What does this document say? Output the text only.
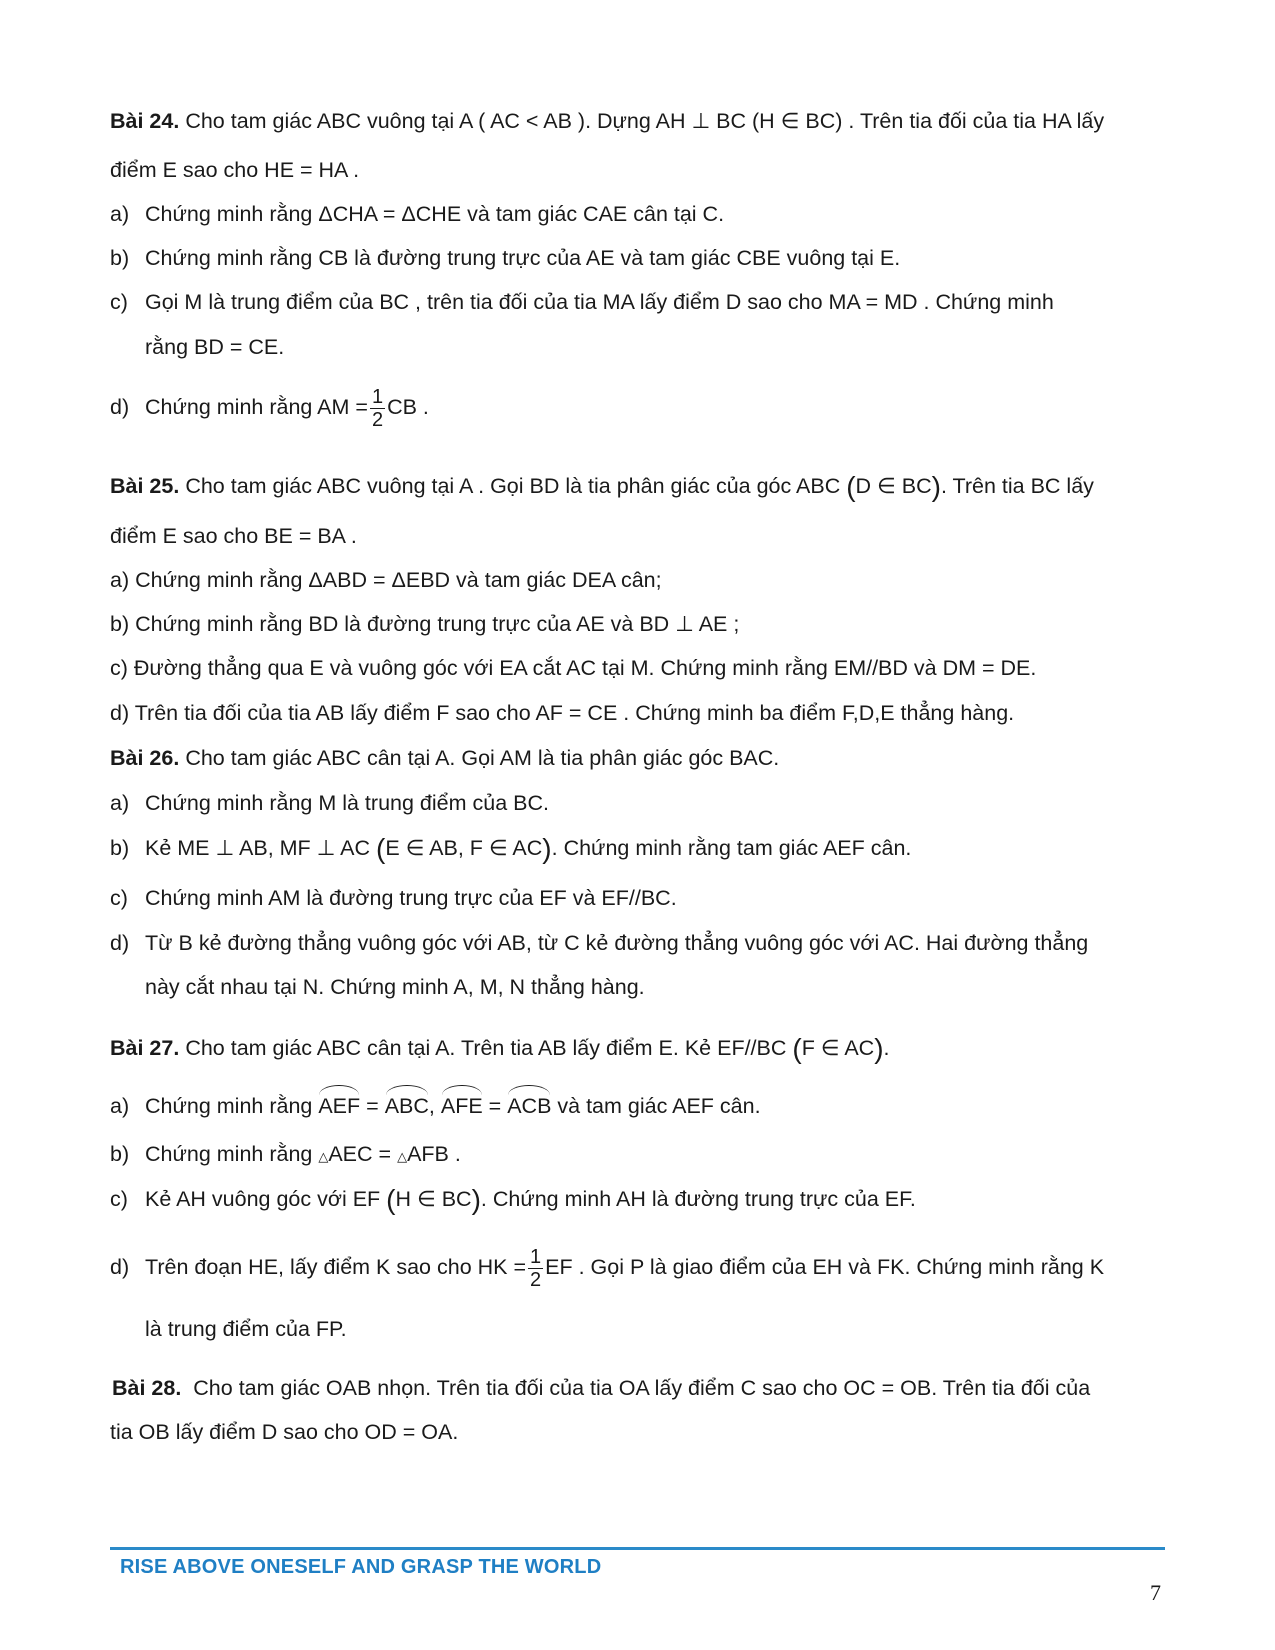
Bài 24. Cho tam giác ABC vuông tại A ( AC < AB ). Dựng AH ⊥ BC (H ∈ BC) . Trên tia đối của tia HA lấy
điểm E sao cho HE = HA .
a) Chứng minh rằng ΔCHA = ΔCHE và tam giác CAE cân tại C.
b) Chứng minh rằng CB là đường trung trực của AE và tam giác CBE vuông tại E.
c) Gọi M là trung điểm của BC , trên tia đối của tia MA lấy điểm D sao cho MA = MD . Chứng minh
rằng BD = CE.
d) Chứng minh rằng AM = $\frac{1}{2}$ CB .
Bài 25. Cho tam giác ABC vuông tại A . Gọi BD là tia phân giác của góc ABC (D ∈ BC). Trên tia BC lấy
điểm E sao cho BE = BA .
a) Chứng minh rằng ΔABD = ΔEBD và tam giác DEA cân;
b) Chứng minh rằng BD là đường trung trực của AE và BD ⊥ AE ;
c) Đường thẳng qua E và vuông góc với EA cắt AC tại M. Chứng minh rằng EM//BD và DM = DE.
d) Trên tia đối của tia AB lấy điểm F sao cho AF = CE . Chứng minh ba điểm F,D,E thẳng hàng.
Bài 26. Cho tam giác ABC cân tại A. Gọi AM là tia phân giác góc BAC.
a) Chứng minh rằng M là trung điểm của BC.
b) Kẻ ME ⊥ AB, MF ⊥ AC (E ∈ AB, F ∈ AC). Chứng minh rằng tam giác AEF cân.
c) Chứng minh AM là đường trung trực của EF và EF//BC.
d) Từ B kẻ đường thẳng vuông góc với AB, từ C kẻ đường thẳng vuông góc với AC. Hai đường thẳng
này cắt nhau tại N. Chứng minh A, M, N thẳng hàng.
Bài 27. Cho tam giác ABC cân tại A. Trên tia AB lấy điểm E. Kẻ EF//BC (F ∈ AC).
a) Chứng minh rằng AEF = ABC, AFE = ACB và tam giác AEF cân.
b) Chứng minh rằng △AEC = △AFB .
c) Kẻ AH vuông góc với EF (H ∈ BC). Chứng minh AH là đường trung trực của EF.
d) Trên đoạn HE, lấy điểm K sao cho HK = $\frac{1}{2}$ EF . Gọi P là giao điểm của EH và FK. Chứng minh rằng K
là trung điểm của FP.
Bài 28.  Cho tam giác OAB nhọn. Trên tia đối của tia OA lấy điểm C sao cho OC = OB. Trên tia đối của
tia OB lấy điểm D sao cho OD = OA.
RISE ABOVE ONESELF AND GRASP THE WORLD
7
